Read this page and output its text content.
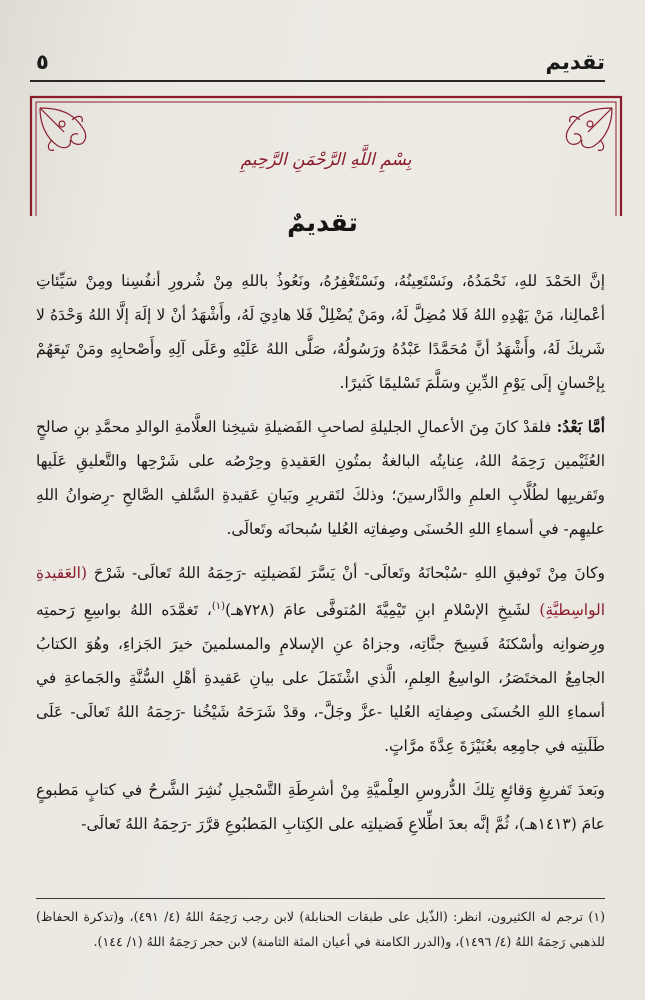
تقديم
٥
بِسْمِ اللَّهِ الرَّحْمَنِ الرَّحِيمِ
تقديمٌ

إنَّ الحَمْدَ للهِ، نَحْمَدُهُ، ونَسْتَعِينُهُ، ونَسْتَغْفِرُهُ، ونَعُوذُ باللهِ مِنْ شُرورِ أنفُسِنا ومِنْ سَيِّئاتِ أعْمالِنا، مَنْ يَهْدِهِ اللهُ فَلا مُضِلَّ لَهُ، ومَنْ يُضْلِلْ فَلا هادِيَ لَهُ، وأَشْهَدُ أنْ لا إلَهَ إلَّا اللهُ وَحْدَهُ لا شَريكَ لَهُ، وأَشْهَدُ أنَّ مُحَمَّدًا عَبْدُهُ ورَسُولُهُ، صَلَّى اللهُ عَلَيْهِ وعَلَى آلِهِ وأَصْحابِهِ ومَنْ تَبِعَهُمْ بِإحْسانٍ إلَى يَوْمِ الدِّينِ وسَلَّمَ تَسْليمًا كَثيرًا.

أمَّا بَعْدُ: فلقدْ كانَ مِنَ الأعمالِ الجليلةِ لصاحبِ الفَضيلةِ شيخِنا العلَّامةِ الوالدِ محمَّدِ بنِ صالحٍ العُثَيْمين رَحِمَهُ اللهُ، عِنايتُه البالغةُ بمتُونِ العَقيدةِ وحِرْصُه على شَرْحِها والتَّعليقِ عَلَيها وتَقريبِها لطُلَّابِ العلمِ والدَّارسينَ؛ وذلكَ لتَقريرِ وبَيانِ عَقيدةِ السَّلفِ الصَّالحِ -رِضوانُ اللهِ عليهِم- في أسماءِ اللهِ الحُسنَى وصِفاتِه العُليا سُبحانَه وتَعالَى.

وكانَ مِنْ تَوفيقِ اللهِ -سُبْحانَهُ وتَعالَى- أنْ يَسَّرَ لفَضيلتِه -رَحِمَهُ اللهُ تَعالَى- شَرْحَ (العَقيدةِ الواسِطيَّةِ) لشَيخِ الإسْلامِ ابنِ تَيْمِيَّةَ المُتوفَّى عامَ (٧٢٨هـ)$^{(١)}$، تَغمَّدَه اللهُ بواسِعِ رَحمتِه ورِضوانِه وأسْكنَهُ فَسِيحَ جنَّاتِه، وجزاهُ عنِ الإسلامِ والمسلمينَ خيرَ الجَزاءِ، وهُوَ الكتابُ الجامِعُ المختَصَرُ، الواسِعُ العِلمِ، الَّذي اشْتَمَلَ على بيانِ عَقيدةِ أهْلِ السُّنَّةِ والجَماعةِ في أسماءِ اللهِ الحُسنَى وصِفاتِه العُليا -عزَّ وجَلَّ-، وقدْ شَرَحَهُ شَيْخُنا -رَحِمَهُ اللهُ تَعالَى- عَلَى طَلَبتِه في جامِعِه بعُنَيْزَةَ عِدَّةَ مرَّاتٍ.

وبَعدَ تَفريغِ وَقائعِ تِلكَ الدُّروسِ العِلْميَّةِ مِنْ أشرِطَةِ التَّسْجيلِ نُشِرَ الشَّرحُ في كتابٍ مَطبوعٍ عامَ (١٤١٣هـ)، ثُمَّ إنَّه بعدَ اطِّلاعِ فَضيلتِه على الكِتابِ المَطبُوعِ قرَّرَ -رَحِمَهُ اللهُ تَعالَى-

(١) ترجم له الكثيرون، انظر: (الذّيل على طبقات الحنابلة) لابن رجب رَحِمَهُ اللهُ (٤/ ٤٩١)، و(تذكرة الحفاظ) للذهبي رَحِمَهُ اللهُ (٤/ ١٤٩٦)، و(الدرر الكامنة في أعيان المئة الثامنة) لابن حجر رَحِمَهُ اللهُ (١/ ١٤٤).
